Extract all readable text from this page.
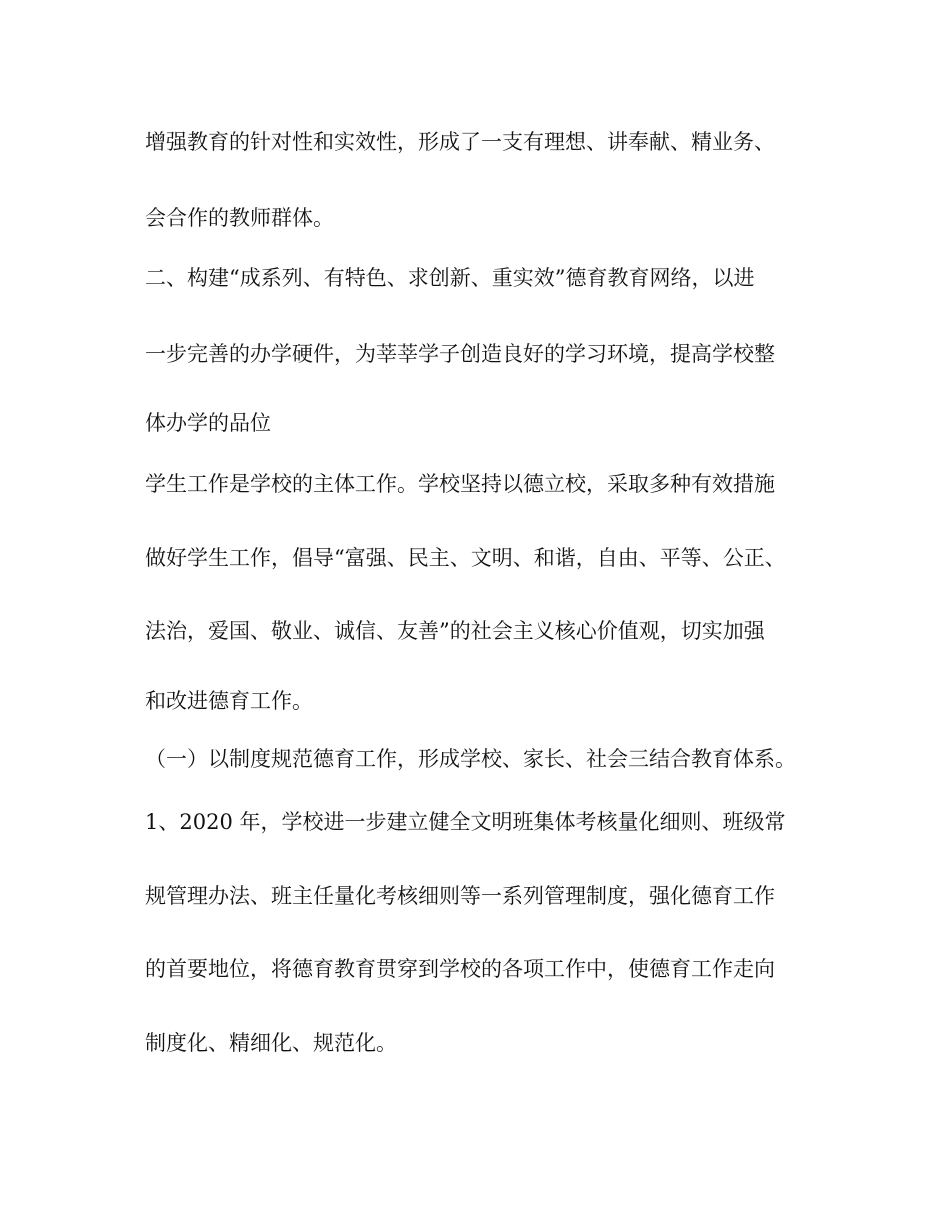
增强教育的针对性和实效性，形成了一支有理想、讲奉献、精业务、
会合作的教师群体。
二、构建“成系列、有特色、求创新、重实效”德育教育网络，以进
一步完善的办学硬件，为莘莘学子创造良好的学习环境，提高学校整
体办学的品位
学生工作是学校的主体工作。学校坚持以德立校，采取多种有效措施
做好学生工作，倡导“富强、民主、文明、和谐，自由、平等、公正、
法治，爱国、敬业、诚信、友善”的社会主义核心价值观，切实加强
和改进德育工作。
（一）以制度规范德育工作，形成学校、家长、社会三结合教育体系。
1、2020 年，学校进一步建立健全文明班集体考核量化细则、班级常
规管理办法、班主任量化考核细则等一系列管理制度，强化德育工作
的首要地位，将德育教育贯穿到学校的各项工作中，使德育工作走向
制度化、精细化、规范化。
